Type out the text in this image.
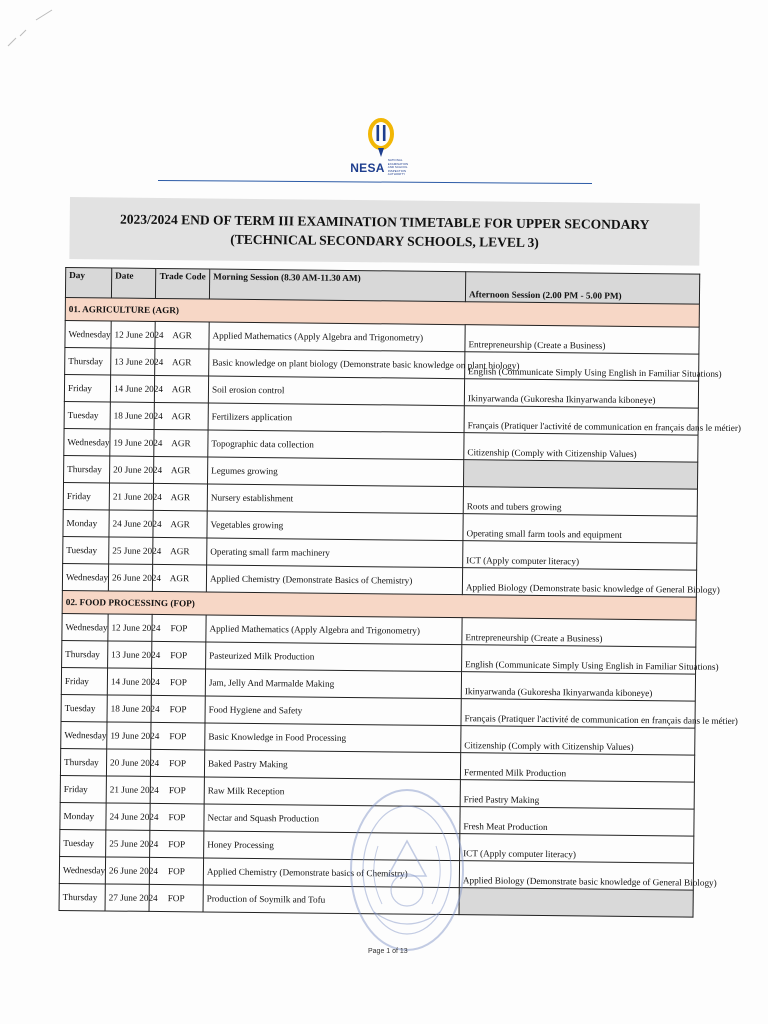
NESA
NATIONAL EXAMINATION AND SCHOOL INSPECTION AUTHORITY
2023/2024 END OF TERM III EXAMINATION TIMETABLE FOR UPPER SECONDARY
(TECHNICAL SECONDARY SCHOOLS, LEVEL 3)
Day	Date	Trade Code	Morning Session (8.30 AM-11.30 AM)	Afternoon Session (2.00 PM - 5.00 PM)
01. AGRICULTURE (AGR)				
Wednesday	12 June 2024	AGR	Applied Mathematics (Apply Algebra and Trigonometry)	Entrepreneurship (Create a Business)
Thursday	13 June 2024	AGR	Basic knowledge on plant biology (Demonstrate basic knowledge on plant biology)	English (Communicate Simply Using English in Familiar Situations)
Friday	14 June 2024	AGR	Soil erosion control	Ikinyarwanda (Gukoresha Ikinyarwanda kiboneye)
Tuesday	18 June 2024	AGR	Fertilizers application	Français (Pratiquer l'activité de communication en français dans le métier)
Wednesday	19 June 2024	AGR	Topographic data collection	Citizenship (Comply with Citizenship Values)
Thursday	20 June 2024	AGR	Legumes growing	
Friday	21 June 2024	AGR	Nursery establishment	Roots and tubers growing
Monday	24 June 2024	AGR	Vegetables growing	Operating small farm tools and equipment
Tuesday	25 June 2024	AGR	Operating small farm machinery	ICT (Apply computer literacy)
Wednesday	26 June 2024	AGR	Applied Chemistry (Demonstrate Basics of Chemistry)	Applied Biology (Demonstrate basic knowledge of General Biology)
02. FOOD PROCESSING (FOP)				
Wednesday	12 June 2024	FOP	Applied Mathematics (Apply Algebra and Trigonometry)	Entrepreneurship (Create a Business)
Thursday	13 June 2024	FOP	Pasteurized Milk Production	English (Communicate Simply Using English in Familiar Situations)
Friday	14 June 2024	FOP	Jam, Jelly And Marmalde Making	Ikinyarwanda (Gukoresha Ikinyarwanda kiboneye)
Tuesday	18 June 2024	FOP	Food Hygiene and Safety	Français (Pratiquer l'activité de communication en français dans le métier)
Wednesday	19 June 2024	FOP	Basic Knowledge in Food Processing	Citizenship (Comply with Citizenship Values)
Thursday	20 June 2024	FOP	Baked Pastry Making	Fermented Milk Production
Friday	21 June 2024	FOP	Raw Milk Reception	Fried Pastry Making
Monday	24 June 2024	FOP	Nectar and Squash Production	Fresh Meat Production
Tuesday	25 June 2024	FOP	Honey Processing	ICT (Apply computer literacy)
Wednesday	26 June 2024	FOP	Applied Chemistry (Demonstrate basics of Chemistry)	Applied Biology (Demonstrate basic knowledge of General Biology)
Thursday	27 June 2024	FOP	Production of Soymilk and Tofu	
Page 1 of 13
